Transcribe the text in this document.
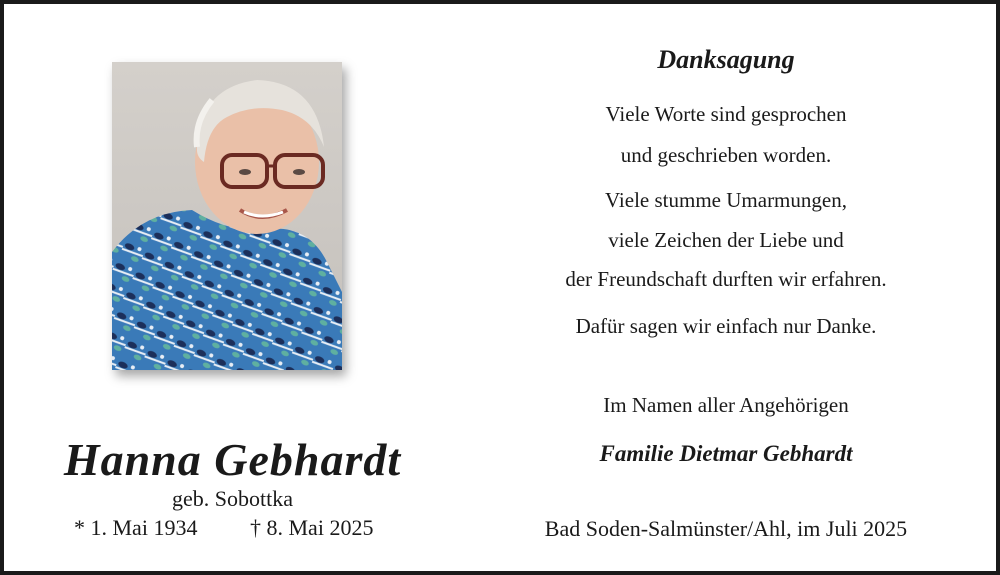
Hanna Gebhardt
geb. Sobottka
* 1. Mai 1934 † 8. Mai 2025
Danksagung
Viele Worte sind gesprochen
und geschrieben worden.
Viele stumme Umarmungen,
viele Zeichen der Liebe und
der Freundschaft durften wir erfahren.
Dafür sagen wir einfach nur Danke.
Im Namen aller Angehörigen
Familie Dietmar Gebhardt
Bad Soden-Salmünster/Ahl, im Juli 2025
